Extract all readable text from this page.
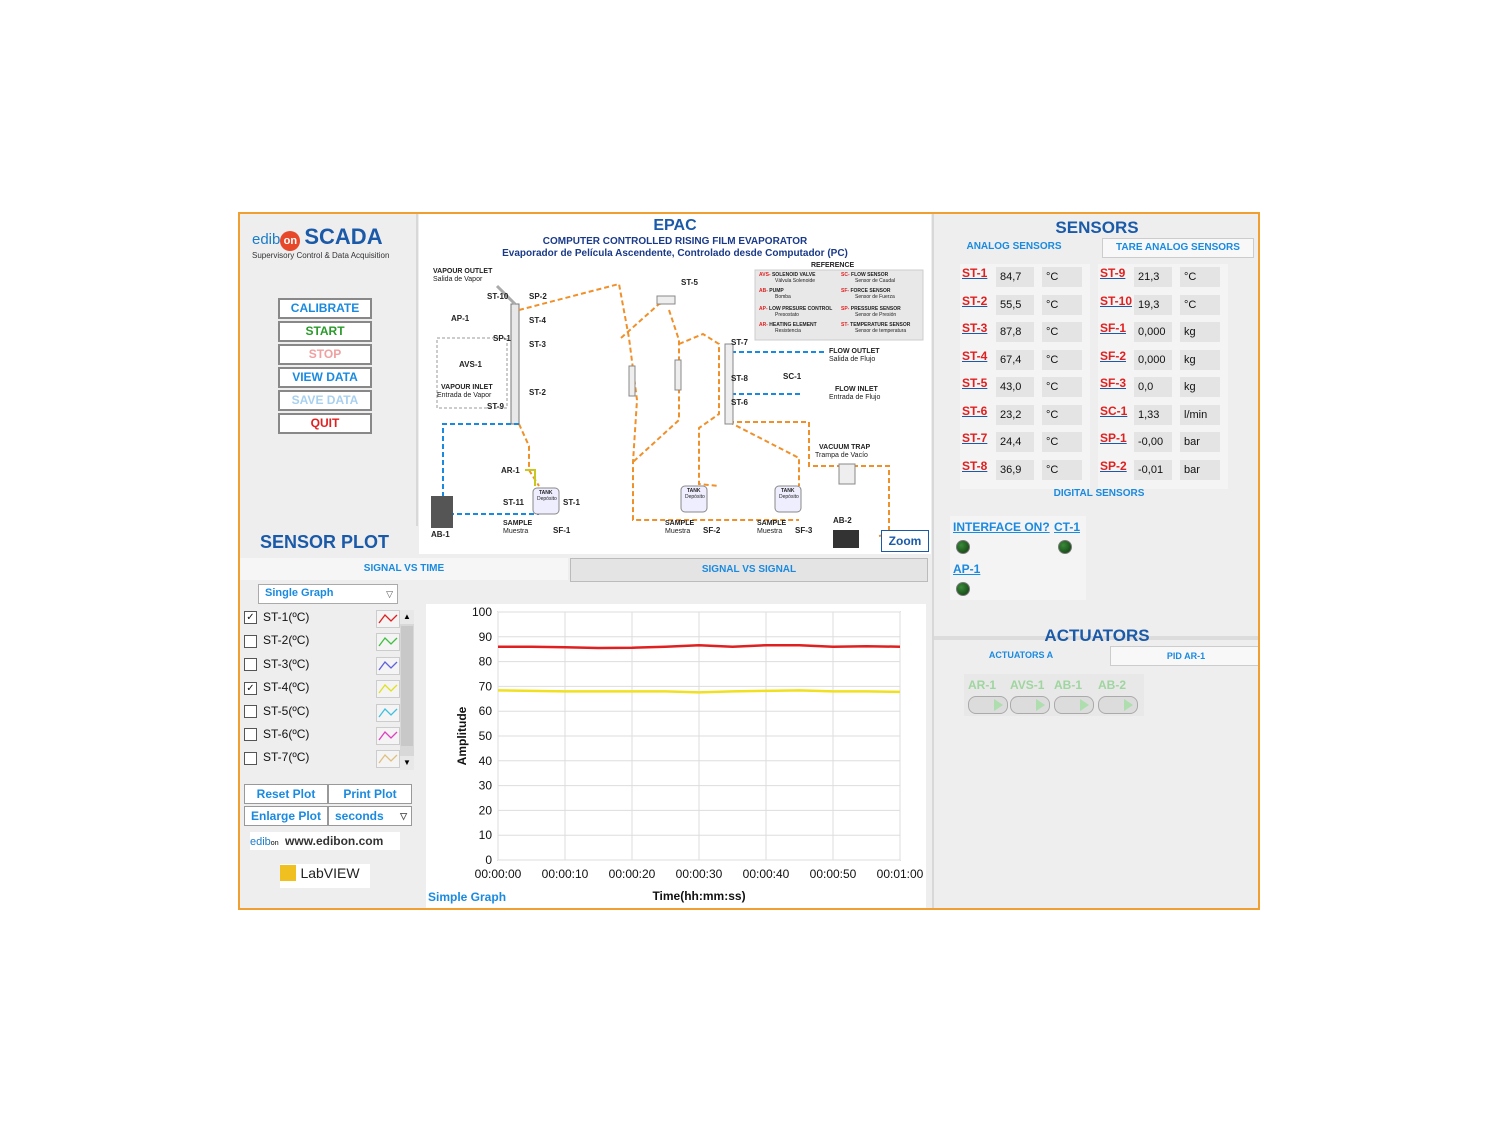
edib on SCADA
Supervisory Control & Data Acquisition
CALIBRATE
START
STOP
VIEW DATA
SAVE DATA
QUIT
EPAC
COMPUTER CONTROLLED RISING FILM EVAPORATOR
Evaporador de Película Ascendente, Controlado desde Computador (PC)
VAPOUR OUTLET
Salida de Vapor
VAPOUR INLET
Entrada de Vapor
FLOW OUTLET
Salida de Flujo
FLOW INLET
Entrada de Flujo
VACUUM TRAP
Trampa de Vacío
SAMPLE
Muestra
SAMPLE
Muestra
SAMPLE
Muestra
TANK
Depósito
TANK
Depósito
TANK
Depósito
REFERENCE
AVS- SOLENOID VALVE
Válvula Solenoide
SC- FLOW SENSOR
Sensor de Caudal
AB- PUMP
Bomba
SF- FORCE SENSOR
Sensor de Fuerza
AP- LOW PRESURE CONTROL
Presostato
SP- PRESSURE SENSOR
Sensor de Presión
AR- HEATING ELEMENT
Resistencia
ST- TEMPERATURE SENSOR
Sensor de temperatura
ST-10	SP-2
ST-4
SP-1
ST-3
ST-2
ST-9
AP-1
AVS-1
ST-5
ST-7
ST-8
ST-6
SC-1
AR-1
ST-11	ST-1
SF-1	SF-2	SF-3
AB-1
AB-2
Zoom
SENSORS
ANALOG SENSORS	TARE ANALOG SENSORS
ST-1	84,7	°C
ST-2	55,5	°C
ST-3	87,8	°C
ST-4	67,4	°C
ST-5	43,0	°C
ST-6	23,2	°C
ST-7	24,4	°C
ST-8	36,9	°C
ST-9	21,3	°C
ST-10 19,3	°C
SF-1	0,000	kg
SF-2	0,000	kg
SF-3	0,0	kg
SC-1 1,33	l/min
SP-1	-0,00	bar
SP-2	-0,01	bar
DIGITAL SENSORS
INTERFACE ON? CT-1
AP-1
ACTUATORS
ACTUATORS A	PID AR-1
AR-1 AVS-1 AB-1 AB-2
SENSOR PLOT
SIGNAL VS TIME	SIGNAL VS SIGNAL
Single Graph	▽
✓ ST-1(ºC)
ST-2(ºC)
ST-3(ºC)
✓ ST-4(ºC)
ST-5(ºC)
ST-6(ºC)
ST-7(ºC)
▲
▼
Reset Plot	Print Plot
Enlarge Plot	seconds ▽
edibon www.edibon.com
LabVIEW
0
10
20
30
40
50
60
70
80
90
100
00:00:00 00:00:10 00:00:20 00:00:30 00:00:40 00:00:50 00:01:00
Time(hh:mm:ss)
Amplitude
Simple Graph
